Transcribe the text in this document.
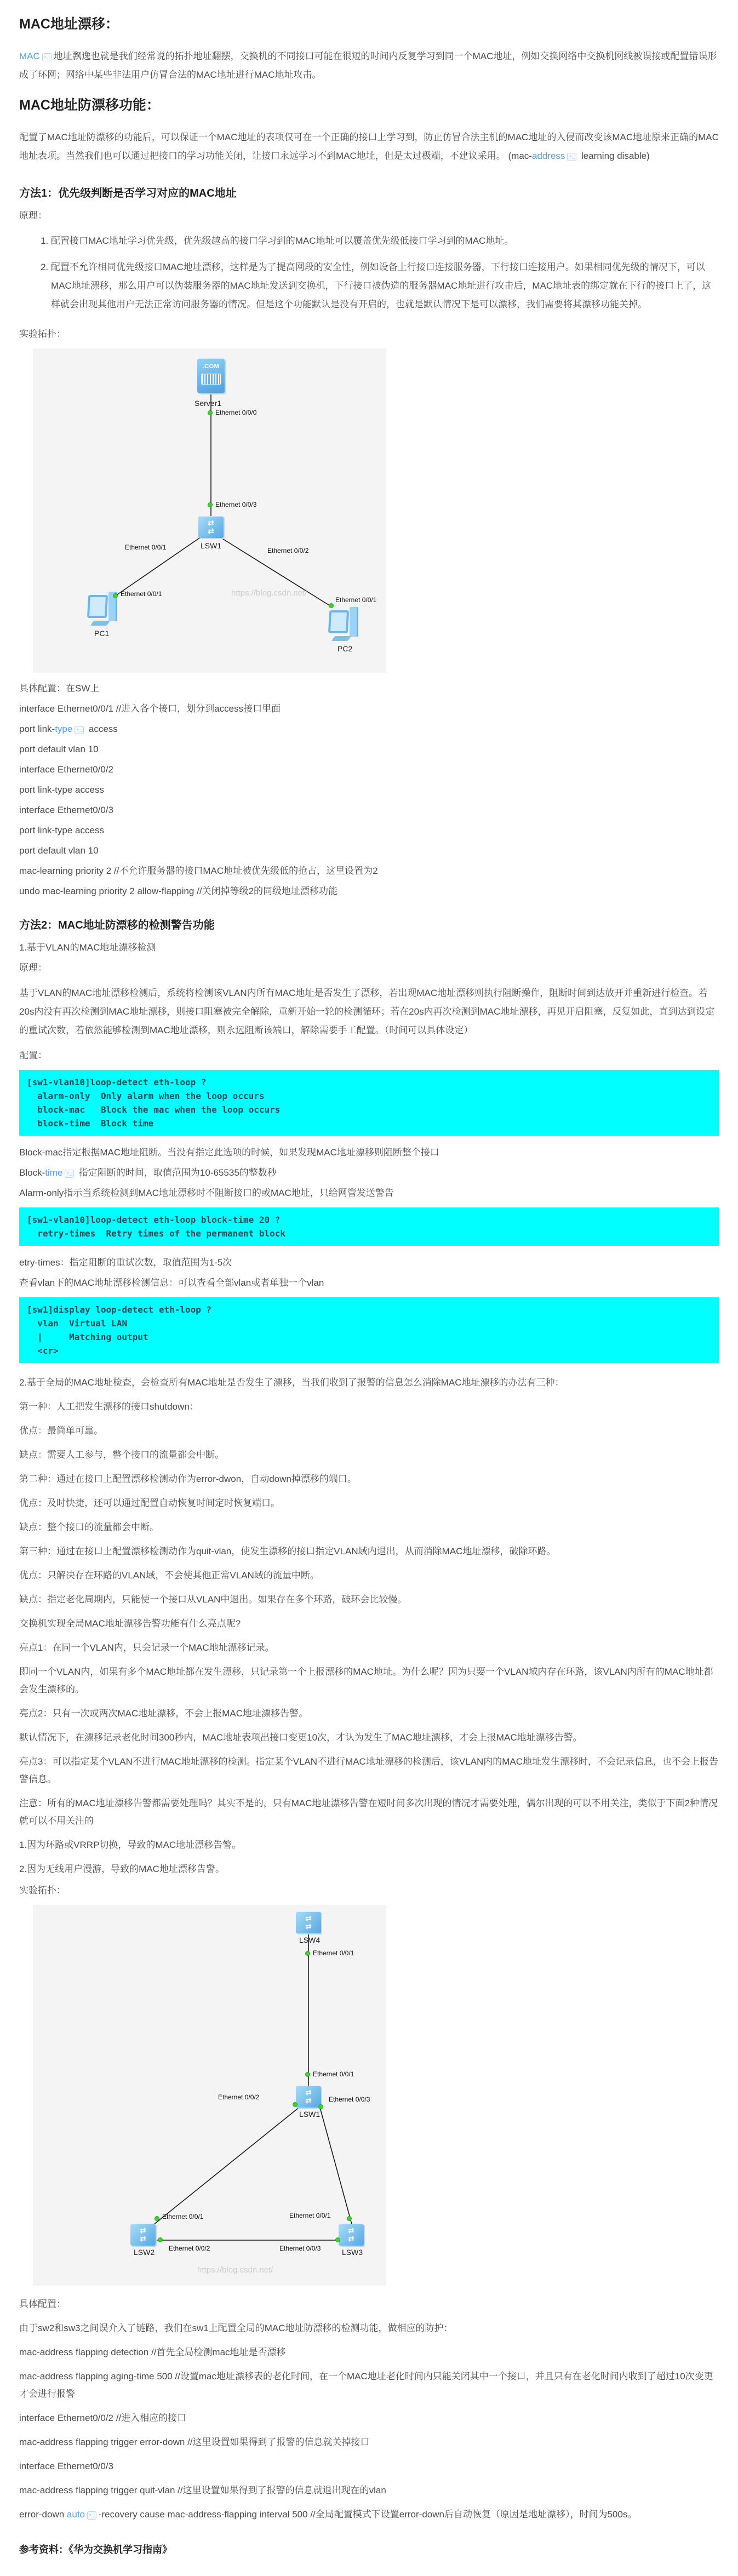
MAC地址漂移：

MAC ›_ 地址飘逸也就是我们经常说的拓扑地址翻摆，交换机的不同接口可能在很短的时间内反复学习到同一个MAC地址，例如交换网络中交换机网线被误接或配置错误形成了环网；网络中某些非法用户仿冒合法的MAC地址进行MAC地址攻击。

MAC地址防漂移功能：

配置了MAC地址防漂移的功能后，可以保证一个MAC地址的表项仅可在一个正确的接口上学习到，防止仿冒合法主机的MAC地址的入侵而改变该MAC地址原来正确的MAC地址表项。当然我们也可以通过把接口的学习功能关闭，让接口永远学习不到MAC地址，但是太过极端，不建议采用。 (mac-address ›_ learning disable)

方法1：优先级判断是否学习对应的MAC地址

原理：

1. 配置接口MAC地址学习优先级，优先级越高的接口学习到的MAC地址可以覆盖优先级低接口学习到的MAC地址。
2. 配置不允许相同优先级接口MAC地址漂移，这样是为了提高网段的安全性，例如设备上行接口连接服务器，下行接口连接用户。如果相同优先级的情况下，可以MAC地址漂移，那么用户可以伪装服务器的MAC地址发送到交换机，下行接口被伪造的服务器MAC地址进行攻击后，MAC地址表的绑定就在下行的接口上了，这样就会出现其他用户无法正常访问服务器的情况。但是这个功能默认是没有开启的，也就是默认情况下是可以漂移，我们需要将其漂移功能关掉。

实验拓扑：

.COM
Server1
Ethernet 0/0/0
Ethernet 0/0/3
⇄
⇄
LSW1
Ethernet 0/0/1	Ethernet 0/0/2
Ethernet 0/0/1
PC1
Ethernet 0/0/1
PC2
https://blog.csdn.net/

具体配置：在SW上

interface Ethernet0/0/1 //进入各个接口，划分到access接口里面

port link-type ›_ access

port default vlan 10

interface Ethernet0/0/2

port link-type access

interface Ethernet0/0/3

port link-type access

port default vlan 10

mac-learning priority 2 //不允许服务器的接口MAC地址被优先级低的抢占，这里设置为2

undo mac-learning priority 2 allow-flapping //关闭掉等级2的同级地址漂移功能

方法2：MAC地址防漂移的检测警告功能

1.基于VLAN的MAC地址漂移检测

原理：

基于VLAN的MAC地址漂移检测后，系统将检测该VLAN内所有MAC地址是否发生了漂移，若出现MAC地址漂移则执行阻断操作，阻断时间到达放开并重新进行检查。若20s内没有再次检测到MAC地址漂移，则接口阻塞被完全解除，重新开始一轮的检测循环；若在20s内再次检测到MAC地址漂移，再见开启阻塞，反复如此，直到达到设定的重试次数，若依然能够检测到MAC地址漂移，则永远阻断该端口，解除需要手工配置。（时间可以具体设定）

配置：

[sw1-vlan10]loop-detect eth-loop ?
alarm-only  Only alarm when the loop occurs
block-mac   Block the mac when the loop occurs
block-time  Block time

Block-mac指定根据MAC地址阻断。当没有指定此选项的时候，如果发现MAC地址漂移则阻断整个接口

Block-time ›_ 指定阻断的时间，取值范围为10-65535的整数秒

Alarm-only指示当系统检测到MAC地址漂移时不阻断接口的或MAC地址，只给网管发送警告

[sw1-vlan10]loop-detect eth-loop block-time 20 ?
retry-times  Retry times of the permanent block

etry-times：指定阻断的重试次数，取值范围为1-5次

查看vlan下的MAC地址漂移检测信息：可以查看全部vlan或者单独一个vlan

[sw1]display loop-detect eth-loop ?
vlan  Virtual LAN
|     Matching output
<cr>

2.基于全局的MAC地址检查，会检查所有MAC地址是否发生了漂移，当我们收到了报警的信息怎么消除MAC地址漂移的办法有三种：

第一种：人工把发生漂移的接口shutdown：

优点：最简单可靠。

缺点：需要人工参与，整个接口的流量都会中断。

第二种：通过在接口上配置漂移检测动作为error-dwon，自动down掉漂移的端口。

优点：及时快捷，还可以通过配置自动恢复时间定时恢复端口。

缺点：整个接口的流量都会中断。

第三种：通过在接口上配置漂移检测动作为quit-vlan，使发生漂移的接口指定VLAN域内退出，从而消除MAC地址漂移，破除环路。

优点：只解决存在环路的VLAN域，不会使其他正常VLAN域的流量中断。

缺点：指定老化周期内，只能使一个接口从VLAN中退出。如果存在多个环路，破环会比较慢。

交换机实现全局MAC地址漂移告警功能有什么亮点呢?

亮点1：在同一个VLAN内，只会记录一个MAC地址漂移记录。

即同一个VLAN内，如果有多个MAC地址都在发生漂移，只记录第一个上报漂移的MAC地址。为什么呢？因为只要一个VLAN域内存在环路，该VLAN内所有的MAC地址都会发生漂移的。

亮点2：只有一次或两次MAC地址漂移，不会上报MAC地址漂移告警。

默认情况下，在漂移记录老化时间300秒内，MAC地址表项出接口变更10次，才认为发生了MAC地址漂移，才会上报MAC地址漂移告警。

亮点3：可以指定某个VLAN不进行MAC地址漂移的检测。指定某个VLAN不进行MAC地址漂移的检测后，该VLAN内的MAC地址发生漂移时，不会记录信息，也不会上报告警信息。

注意：所有的MAC地址漂移告警都需要处理吗？其实不是的，只有MAC地址漂移告警在短时间多次出现的情况才需要处理，偶尔出现的可以不用关注，类似于下面2种情况就可以不用关注的

1.因为环路或VRRP切换，导致的MAC地址漂移告警。

2.因为无线用户漫游，导致的MAC地址漂移告警。

实验拓扑：

⇄
⇄
LSW4
Ethernet 0/0/1
Ethernet 0/0/1
⇄
⇄
LSW1
Ethernet 0/0/2	Ethernet 0/0/3
⇄
⇄
LSW2
Ethernet 0/0/1
Ethernet 0/0/2
⇄
⇄
LSW3
Ethernet 0/0/1
Ethernet 0/0/3
https://blog.csdn.net/

具体配置：

由于sw2和sw3之间误介入了链路，我们在sw1上配置全局的MAC地址防漂移的检测功能，做相应的防护：

mac-address flapping detection //首先全局检测mac地址是否漂移

mac-address flapping aging-time 500 //设置mac地址漂移表的老化时间，在一个MAC地址老化时间内只能关闭其中一个接口，并且只有在老化时间内收到了超过10次变更才会进行报警

interface Ethernet0/0/2 //进入相应的接口

mac-address flapping trigger error-down //这里设置如果得到了报警的信息就关掉接口

interface Ethernet0/0/3

mac-address flapping trigger quit-vlan //这里设置如果得到了报警的信息就退出现在的vlan

error-down auto ›_ -recovery cause mac-address-flapping interval 500 //全局配置模式下设置error-down后自动恢复（原因是地址漂移），时间为500s。

参考资料：《华为交换机学习指南》
